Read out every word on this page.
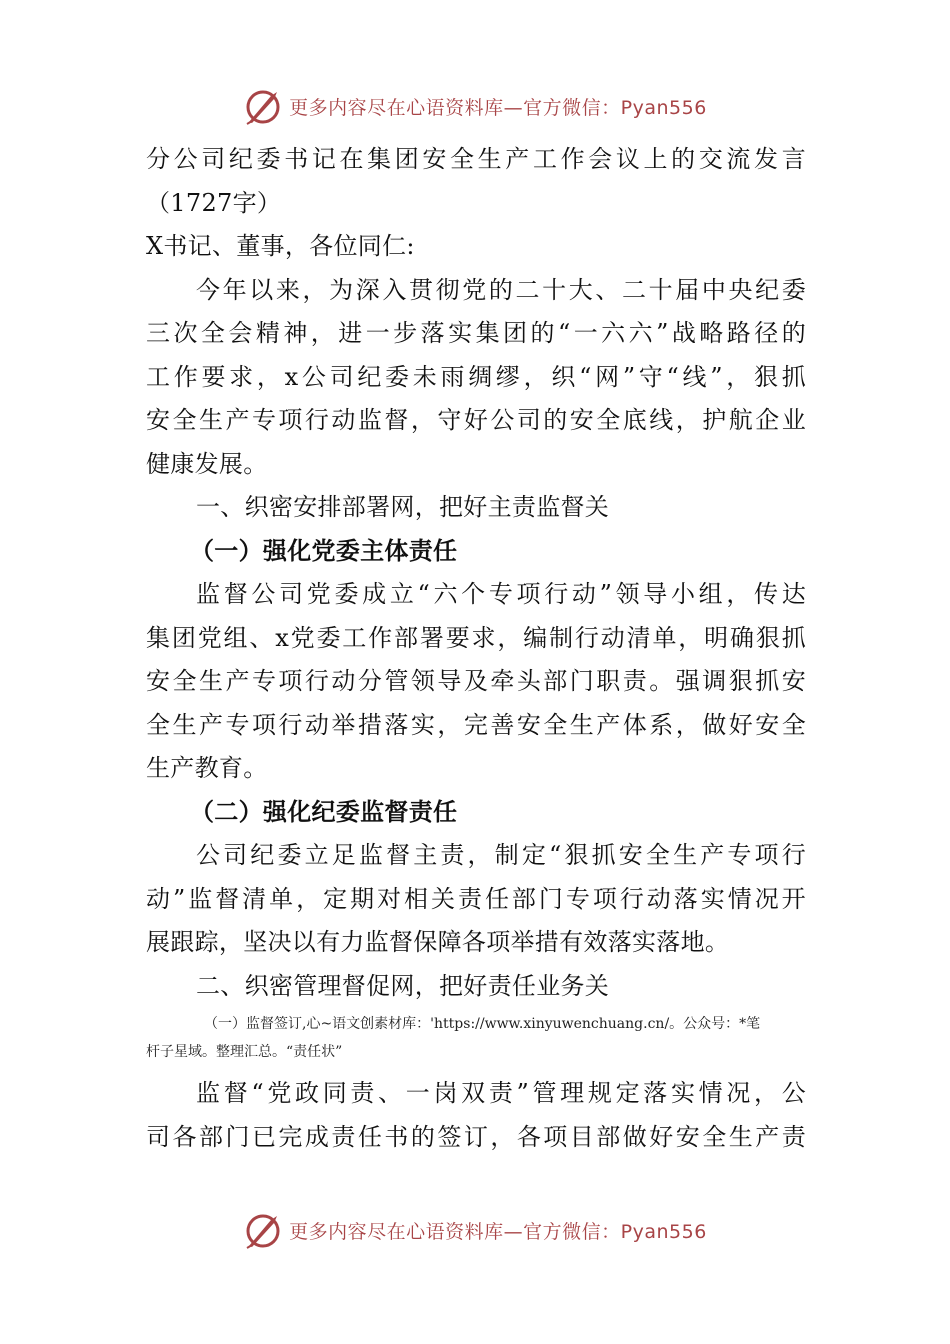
更多内容尽在心语资料库—官方微信：Pyan556
分公司纪委书记在集团安全生产工作会议上的交流发言
（1727字）
X书记、董事，各位同仁:
今年以来，为深入贯彻党的二十大、二十届中央纪委
三次全会精神，进一步落实集团的“一六六”战略路径的
工作要求，x公司纪委未雨绸缪，织“网”守“线”，狠抓
安全生产专项行动监督，守好公司的安全底线，护航企业
健康发展。
一、织密安排部署网，把好主责监督关
（一）强化党委主体责任
监督公司党委成立“六个专项行动”领导小组，传达
集团党组、x党委工作部署要求，编制行动清单，明确狠抓
安全生产专项行动分管领导及牵头部门职责。强调狠抓安
全生产专项行动举措落实，完善安全生产体系，做好安全
生产教育。
（二）强化纪委监督责任
公司纪委立足监督主责，制定“狠抓安全生产专项行
动”监督清单，定期对相关责任部门专项行动落实情况开
展跟踪，坚决以有力监督保障各项举措有效落实落地。
二、织密管理督促网，把好责任业务关
（一）监督签订,心~语文创素材库：'https://www.xinyuwenchuang.cn/。公众号：*笔
杆子星域。整理汇总。“责任状”
监督“党政同责、一岗双责”管理规定落实情况，公
司各部门已完成责任书的签订，各项目部做好安全生产责
更多内容尽在心语资料库—官方微信：Pyan556
